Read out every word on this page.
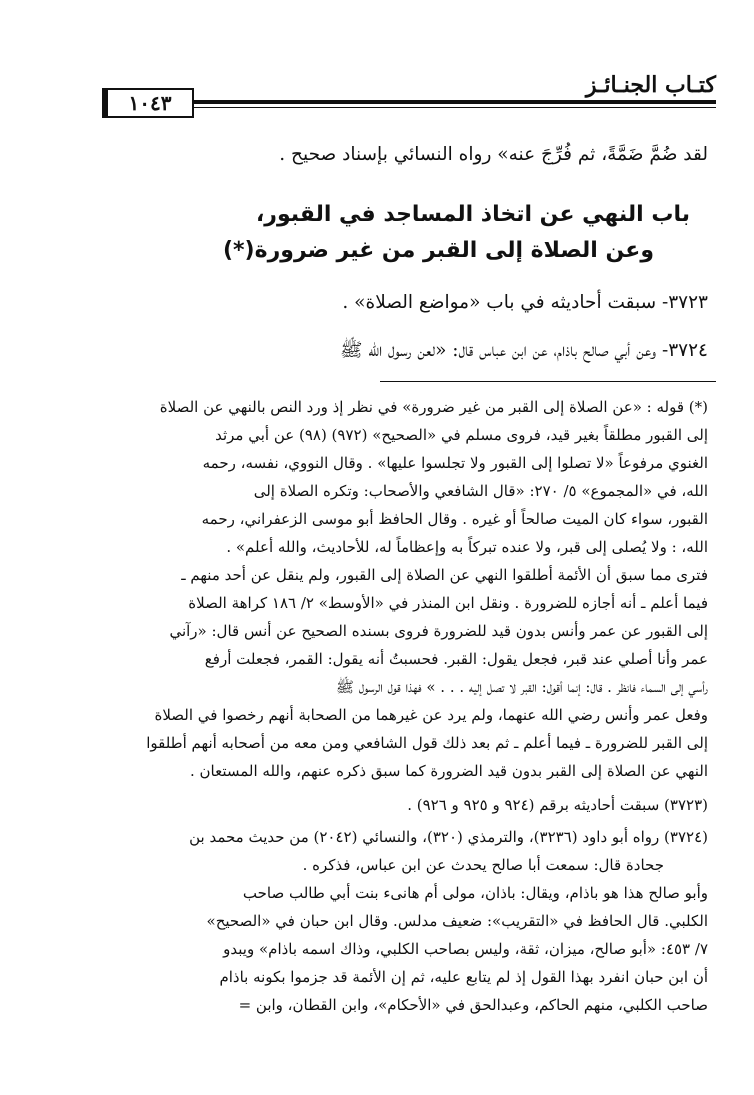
كتـاب الجنـائـز
١٠٤٣
لقد ضُمَّ ضَمَّةً، ثم فُرِّجَ عنه» رواه النسائي بإسناد صحيح .
باب النهي عن اتخاذ المساجد في القبور،
وعن الصلاة إلى القبر من غير ضرورة(*)
٣٧٢٣- سبقت أحاديثه في باب «مواضع الصلاة» .
٣٧٢٤- وعن أبي صالح باذام، عن ابن عباس قال: «لعن رسول الله ﷺ
(*) قوله : «عن الصلاة إلى القبر من غير ضرورة» في نظر إذ ورد النص بالنهي عن الصلاة
إلى القبور مطلقاً بغير قيد، فروى مسلم في «الصحيح» (٩٧٢) (٩٨) عن أبي مرثد
الغنوي مرفوعاً «لا تصلوا إلى القبور ولا تجلسوا عليها» . وقال النووي، نفسه، رحمه
الله، في «المجموع» ٥/ ٢٧٠: «قال الشافعي والأصحاب: وتكره الصلاة إلى
القبور، سواء كان الميت صالحاً أو غيره . وقال الحافظ أبو موسى الزعفراني، رحمه
الله، : ولا يُصلى إلى قبر، ولا عنده تبركاً به وإعظاماً له، للأحاديث، والله أعلم» .
فترى مما سبق أن الأئمة أطلقوا النهي عن الصلاة إلى القبور، ولم ينقل عن أحد منهم ـ
فيما أعلم ـ أنه أجازه للضرورة . ونقل ابن المنذر في «الأوسط» ٢/ ١٨٦ كراهة الصلاة
إلى القبور عن عمر وأنس بدون قيد للضرورة فروى بسنده الصحيح عن أنس قال: «رآني
عمر وأنا أصلي عند قبر، فجعل يقول: القبر. فحسبتُ أنه يقول: القمر، فجعلت أرفع
رأسي إلى السماء فانظر . قال: إنما أقول: القبر لا تصل إليه . . . » فهذا قول الرسول ﷺ
وفعل عمر وأنس رضي الله عنهما، ولم يرد عن غيرهما من الصحابة أنهم رخصوا في الصلاة
إلى القبر للضرورة ـ فيما أعلم ـ ثم بعد ذلك قول الشافعي ومن معه من أصحابه أنهم أطلقوا
النهي عن الصلاة إلى القبر بدون قيد الضرورة كما سبق ذكره عنهم، والله المستعان .
(٣٧٢٣) سبقت أحاديثه برقم (٩٢٤ و ٩٢٥ و ٩٢٦) .
(٣٧٢٤) رواه أبو داود (٣٢٣٦)، والترمذي (٣٢٠)، والنسائي (٢٠٤٢) من حديث محمد بن
جحادة قال: سمعت أبا صالح يحدث عن ابن عباس، فذكره .
وأبو صالح هذا هو باذام، ويقال: باذان، مولى أم هانىء بنت أبي طالب صاحب
الكلبي. قال الحافظ في «التقريب»: ضعيف مدلس. وقال ابن حبان في «الصحيح»
٧/ ٤٥٣: «أبو صالح، ميزان، ثقة، وليس بصاحب الكلبي، وذاك اسمه باذام» ويبدو
أن ابن حبان انفرد بهذا القول إذ لم يتابع عليه، ثم إن الأئمة قد جزموا بكونه باذام
صاحب الكلبي، منهم الحاكم، وعبدالحق في «الأحكام»، وابن القطان، وابن =
